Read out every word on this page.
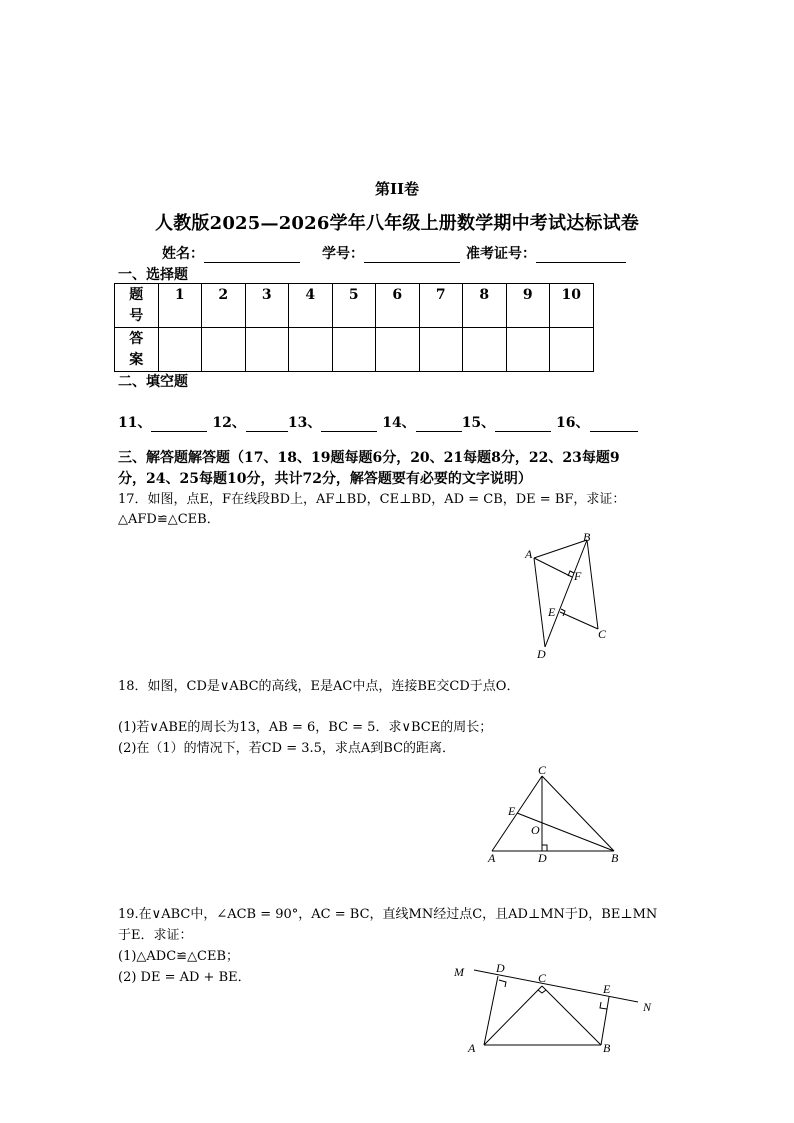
第II卷
人教版2025—2026学年八年级上册数学期中考试达标试卷
姓名：	学号：	准考证号：
一、选择题
题
号	1	2	3	4	5	6	7	8	9	10
答
案										
二、填空题
11、	12、	13、	14、	15、	16、
三、解答题解答题（17、18、19题每题6分，20、21每题8分，22、23每题9
分，24、25每题10分，共计72分，解答题要有必要的文字说明）
17．如图，点E，F在线段BD上，AF⊥BD，CE⊥BD，AD = CB，DE = BF，求证：
△AFD≌△CEB．
A
B
F
E
C
D
18．如图，CD是∨ABC的高线，E是AC中点，连接BE交CD于点O．
(1)若∨ABE的周长为13，AB = 6，BC = 5．求∨BCE的周长；
(2)在（1）的情况下，若CD = 3.5，求点A到BC的距离．
C
E
O
A	D	B
19.在∨ABC中，∠ACB = 90°，AC = BC，直线MN经过点C，且AD⊥MN于D，BE⊥MN
于E．求证：
(1)△ADC≌△CEB；
(2) DE = AD + BE．	M	D
C
E
N
A	B
